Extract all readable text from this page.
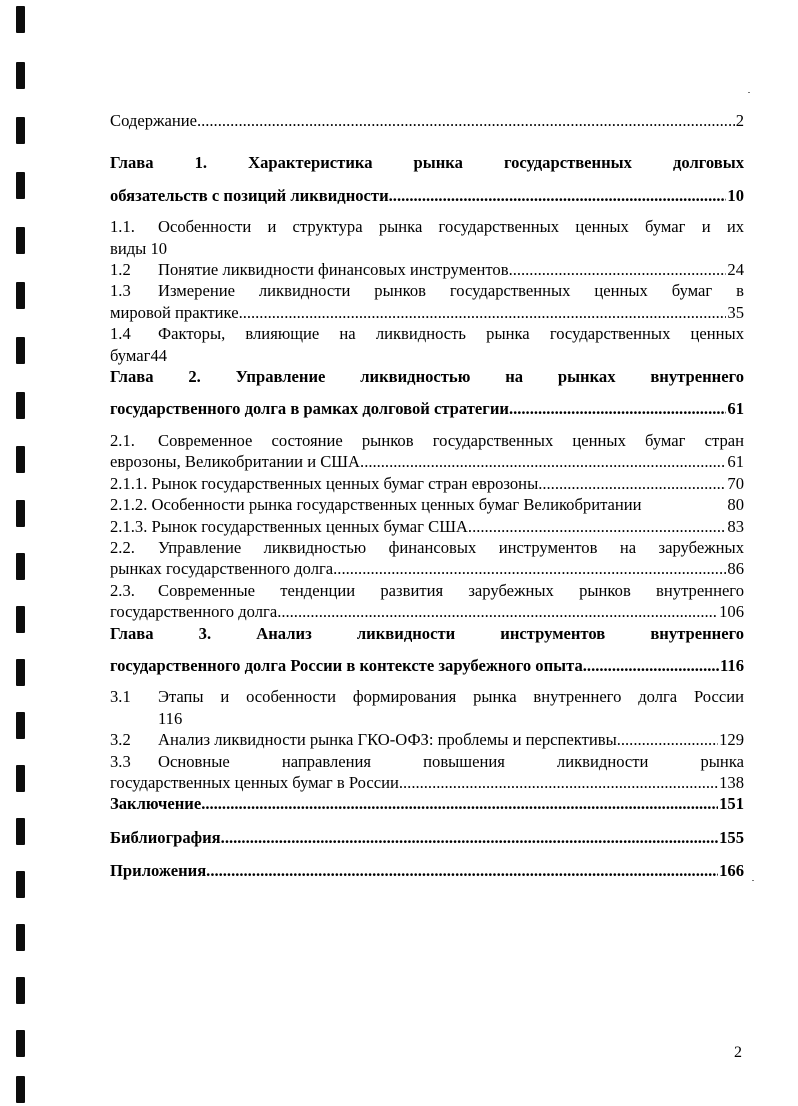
Содержание .....	2
Глава 1. Характеристика рынка государственных долговых
обязательств с позиций ликвидности .....	10
1.1. Особенности и структура рынка государственных ценных бумаг и их
виды 10
1.2 Понятие ликвидности финансовых инструментов .....	24
1.3 Измерение ликвидности рынков государственных ценных бумаг в
мировой практике .....	35
1.4 Факторы, влияющие на ликвидность рынка государственных ценных
бумаг44
Глава 2. Управление ликвидностью на рынках внутреннего
государственного долга в рамках долговой стратегии .....	61
2.1. Современное состояние рынков государственных ценных бумаг стран
еврозоны, Великобритании и США. .....	61
2.1.1. Рынок государственных ценных бумаг стран еврозоны .....	70
2.1.2. Особенности рынка государственных ценных бумаг Великобритании	80
2.1.3. Рынок государственных ценных бумаг США .....	83
2.2. Управление ликвидностью финансовых инструментов на зарубежных
рынках государственного долга. .....	86
2.3. Современные тенденции развития зарубежных рынков внутреннего
государственного долга .....	106
Глава 3. Анализ ликвидности инструментов внутреннего
государственного долга России в контексте зарубежного опыта. .....	116
3.1 Этапы и особенности формирования рынка внутреннего долга России
116
3.2 Анализ ликвидности рынка ГКО-ОФЗ: проблемы и перспективы .....	129
3.3 Основные направления повышения ликвидности рынка
государственных ценных бумаг в России .....	138
Заключение .....	151
Библиография .....	155
Приложения .....	166
2
